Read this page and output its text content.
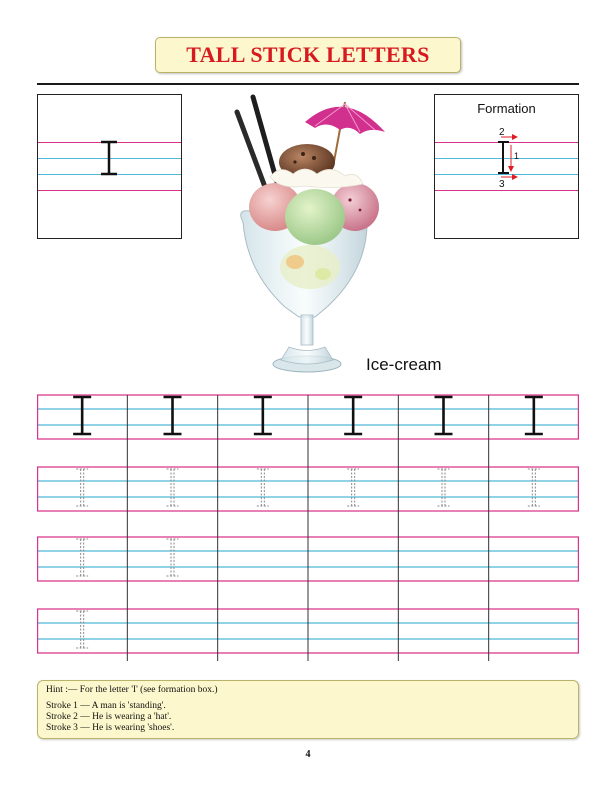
TALL STICK LETTERS
Formation
2
1
3
Ice-cream
Hint :— For the letter 'I' (see formation box.)
Stroke 1 — A man is 'standing'.
Stroke 2 — He is wearing a 'hat'.
Stroke 3 — He is wearing 'shoes'.
4
